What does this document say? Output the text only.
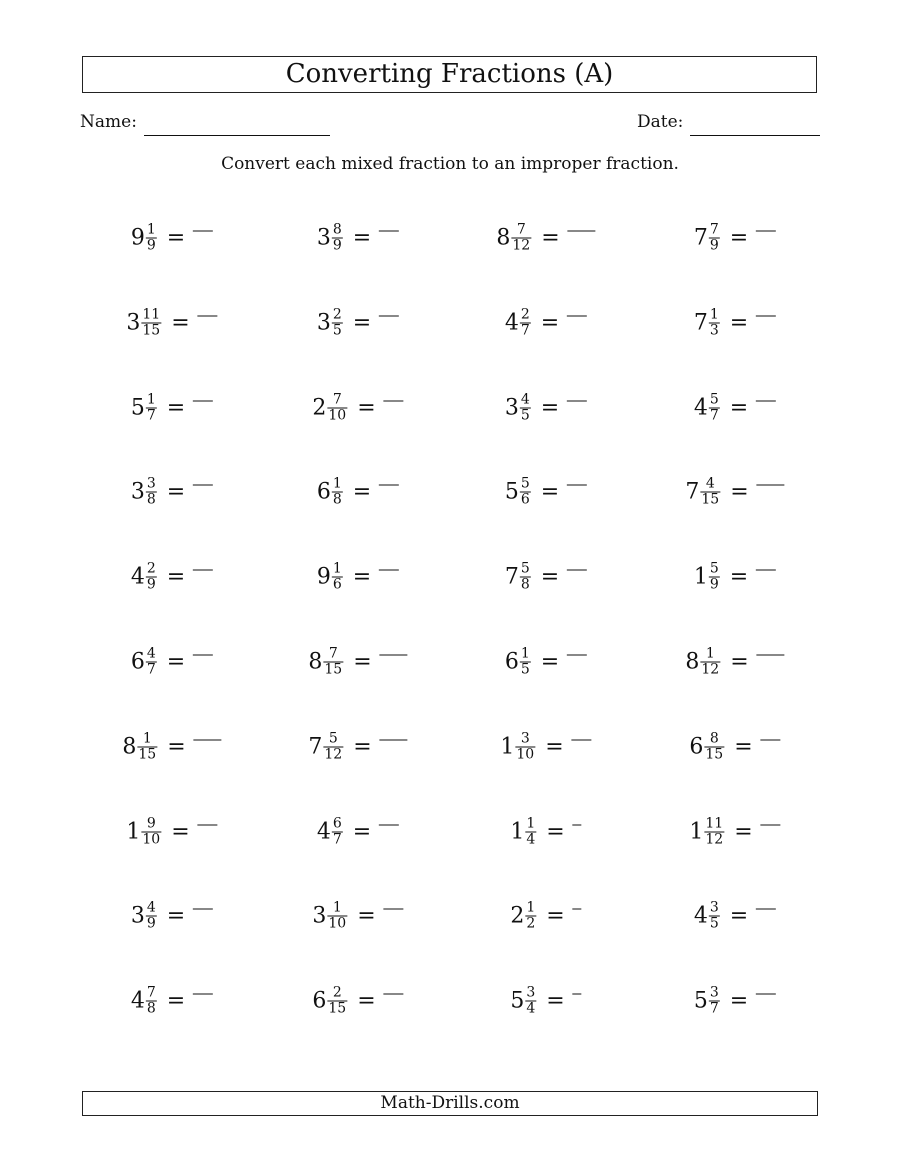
Converting Fractions (A)
Name:	Date:
Convert each mixed fraction to an improper fraction.
$9 \frac{1}{9}$ =	$3 \frac{8}{9}$ =	$8 \frac{7}{12}$ =	$7 \frac{7}{9}$ =
$3 \frac{11}{15}$ =	$3 \frac{2}{5}$ =	$4 \frac{2}{7}$ =	$7 \frac{1}{3}$ =
$5 \frac{1}{7}$ =	$2 \frac{7}{10}$ =	$3 \frac{4}{5}$ =	$4 \frac{5}{7}$ =
$3 \frac{3}{8}$ =	$6 \frac{1}{8}$ =	$5 \frac{5}{6}$ =	$7 \frac{4}{15}$ =
$4 \frac{2}{9}$ =	$9 \frac{1}{6}$ =	$7 \frac{5}{8}$ =	$1 \frac{5}{9}$ =
$6 \frac{4}{7}$ =	$8 \frac{7}{15}$ =	$6 \frac{1}{5}$ =	$8 \frac{1}{12}$ =
$8 \frac{1}{15}$ =	$7 \frac{5}{12}$ =	$1 \frac{3}{10}$ =	$6 \frac{8}{15}$ =
$1 \frac{9}{10}$ =	$4 \frac{6}{7}$ =	$1 \frac{1}{4}$ =	$1 \frac{11}{12}$ =
$3 \frac{4}{9}$ =	$3 \frac{1}{10}$ =	$2 \frac{1}{2}$ =	$4 \frac{3}{5}$ =
$4 \frac{7}{8}$ =	$6 \frac{2}{15}$ =	$5 \frac{3}{4}$ =	$5 \frac{3}{7}$ =
Math-Drills.com
